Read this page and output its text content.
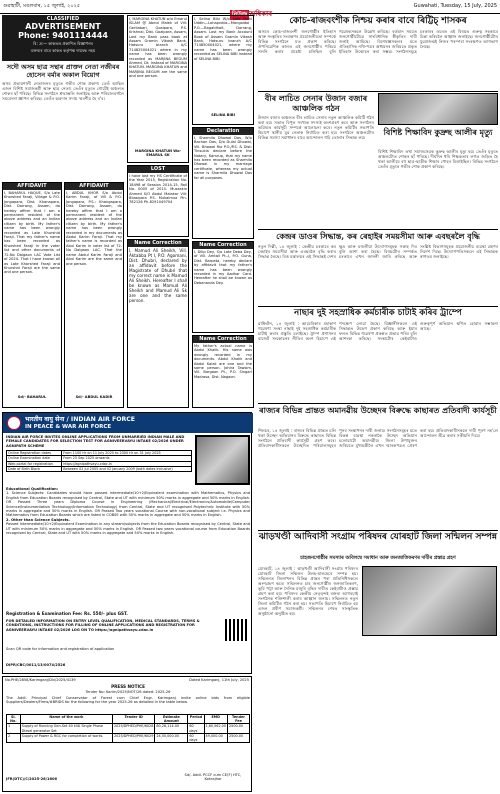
গুৱাহাটী, মঙলবাৰ, ১৫ জুলাই, ২০২৫
নিউজ অধিকাৰ
Guwahati, Tuesday, 15 July, 2025
CLASSIFIED
ADVERTISEMENT
Phone: 9401114444
বি: দ্র:— কাকতত প্ৰকাশিত বিজ্ঞাপনৰ
বক্তব্যৰ বাবে কাকত কৰ্তৃপক্ষ দায়বদ্ধ নহয়
সদৌ অসম ছাত্ৰ সন্থাৰ প্ৰাক্তন নেতা নজীবৰ হোসেন বৰ্মাৰ অকাল বিয়োগ
অসম প্ৰভাৱশালী নেতাজনৰ মৃত্যুত গভীৰ শোক প্ৰকাশ। তেওঁ আছিল এজন বিশিষ্ট সমাজকৰ্মী আৰু ছাত্ৰ নেতা। তেওঁৰ মৃত্যুত গোটেই অঞ্চলত শোকৰ ছাঁ পৰিছে। বিভিন্ন সংগঠনে শ্ৰদ্ধাঞ্জলি জনাইছে আৰু পৰিয়ালবৰ্গলৈ সমবেদনা জ্ঞাপন কৰিছে। তেওঁৰ অৱদান সদায় স্মৰণীয় হৈ ৰ'ব।
AFFIDAVIT
I, BAHARUL HAQUE, S/o Late Khorshed Faraji, Village & P.O. Jongapara, Dist. Khanapara, Dist. Darrang, Assam, do hereby affirm that I am a permanent resident of the above address and an Indian citizen by birth. My father's name has been wrongly recorded as Late Khurshid Faraji. That my father's name has been recorded as Khorshed Faraji in the voter list and other documents of 72-No Dalgaon LAC Vote List of 2024. That I have known all as Late Khorshed Faraji and Khurshid Faraji are the same and one person.
Sd/- BAHARUL
AFFIDAVIT
I, ABDUL KHOR S/o Abdul Karim Faraji, of Vill & P.O. Jongapara, P.S.: Khangapara, Dist. Darrang, Assam, do hereby affirm that I am a permanent resident of the above address and an Indian citizen by birth. My father's name has been wrongly recorded in my documents as Abdul Karim Faraji. That my father's name is recorded as Abul Karim in voter list of 72-No Dalgaon LAC. That the name Abdul Karim Faraji and Abul Karim are the same and one person.
Sd/- ABDUL KADIR
I, MARGINA KHATUN w/o Emarul ISLAM @ Abdul Malek of Vill: Gerilabari, Goalpara, P.S. Krishnai, Dist. Goalpara, Assam, Lost my Bank pass book at Assam Gramin Vikash Bank, Hatsuru branch A/C 714825004021 where in my name has been wrongly recorded as MARJINA BEGUM Ahmed, Dt. Instead of MARGINA KHATUN. MARGINA KHATUN and MARJINA BEGUM are the same and one person.
MARGINA KHATUN Wo-EMARUL SK
LOST
I have lost my HS Certificate of the Year 2015, Registration No. 18498 of Session 2014-15, Roll No. 0005 of 2015. Muzzakin Ahmed S/O Abdul Malakar Vill: Bilasipara P.S. Mukalmua Pin-782126 Ph-8291049704
Name Correction
I, Mamud Ali Sheikh, Vill. Aktabba Pt I, P.O. Agomani, Dist. Dhubri, declared by an affidavit before the Magistrate of Dhubri that my correct name is Mamud Ali Sheikh. Hereafter I shall be known as Mamud Ali Sheikh and Mamud Ali Sk are one and the same person.
I, Selina Bibi W/o Late Mahi Uddin—Lohaprotia—Mangoldoi P.O.—Bagaldhalt, Darrang, Assam. Lost my Bank Account Book of Assam Gramin Vikash Bank, Hatsuru branch A/C 714850004021, where my name has been wrongly recorded as SELINA BIBI instead of SELINA BIBI.
SELINA BIBI
Declaration
I, Sharmila Dhowal Das, W/o Bachan Das, D/o Dulal Dhowal, Vill. Bhowal Rio P.O./P.S. & Dist: Tinsukia declare before the Notary, Kamrup, that my name has been recorded as Sharmila Dhowal in my marriage certificate, whereas my actual name is Sharmila Dhowal Das for all purposes.
Name Correction
I, Dilip Dey, S/o Late Deba Dey, of Vill. Amtali Pt.-I, P.O. Guna, Dist. Barpeta, hereby declare by affidavit that my father's name has been wrongly recorded in my Aadhar Card. Hereafter he shall be known as Debananda Dey.
Name Correction
My father's actual name is Abdul Khalik. His name was wrongly recorded in my documents. Abdul Khalik and Abdul Kalak are one and the same person. Johira Tawsim, Vill. Bargaon Pt., P.O. Singari Madrasa, Dist. Nagaon.
भारतीय वायु सेना / INDIAN AIR FORCE
IN PEACE & WAR AIR FORCE
INDIAN AIR FORCE INVITES ONLINE APPLICATIONS FROM UNMARRIED INDIAN MALE AND FEMALE CANDIDATES FOR SELECTION TEST FOR AGNIVEERVAYU INTAKE 02/2026 UNDER AGNIPATH SCHEME
Online Registration dates	From 1100 Hr on 11 July 2025 to 2300 Hr on 31 July 2025
Online Examination date	From 25 Sep 2025 onwards
Web portal for registration	https://agnipathvayu.cdac.in
Date of Birth Block	Between 02 Jul 2005 and 02 January 2009 (both dates inclusive)
Educational Qualification:
1. Science Subjects: Candidates should have passed Intermediate/10+2/Equivalent examination with Mathematics, Physics and English from Education Boards recognised by Central, State and UT with minimum 50% marks in aggregate and 50% marks in English. OR Passed Three years Diploma Course in Engineering (Mechanical/Electrical/Electronics/Automobile/Computer Science/Instrumentation Technology/Information Technology) from Central, State and UT recognised Polytechnic Institute with 50% marks in aggregate and 50% marks in English. OR Passed Two years vocational Course with non-vocational subject i.e. Physics and Mathematics from Education Boards which are listed in COBSE with 50% marks in aggregate and 50% marks in English.
2. Other than Science Subjects.
Passed Intermediate/10+2/Equivalent Examination in any stream/subjects from the Education Boards recognised by Central, State and UT with minimum 50% marks in aggregate and 50% marks in English. OR Passed two years vocational course from Education Boards recognised by Central, State and UT with 50% marks in aggregate and 50% marks in English.
Registration & Examination Fee: Rs. 550/- plus GST.
FOR DETAILED INFORMATION ON ENTRY LEVEL QUALIFICATION, MEDICAL STANDARDS, TERMS & CONDITIONS, INSTRUCTIONS FOR FILLING OF ONLINE APPLICATIONS AND REGISTRATION FOR AGNIVEERVAYU INTAKE 02/2026 LOG ON TO https://agnipathvayu.cdac.in
Scan QR code for information and registration of application
DIPR/CBC/0011/13/0074/2526
No.PHE/2858/Karimganj/Div/2025/4139	Dated Karimganj, 11th July, 2025
PRESS NOTICE
Tender No: Karim/2025/NOT/26 dated: 2025-26
The Addl. Principal Chief Conservator of Forest cum Chief Engr. Karimganj invite online bids from eligible Suppliers/Dealers/Firms/#BRIDS for the following for the year 2025-26 as detailed in the table below.
Sl. No.	Name of the work	Tender ID	Estimate Amount	Period	EMD	Tender Fee
1	Supply of Running Gen-Set 40 kVA Single Phase Diesel generator Set	2025/DPHED/PHE/6028	80,28,114.00	60 days	1,60,562.00	2500.00
2	Supply of Power & RGC for completion of works.	2025/DPHED/PHE/6029	24,50,000.00	60 days	49,000.00	2500.00
JFR(DTC)/C/2025-26/1606
Sd/- Addl. PCCF cum CE(F) HTC, Kokrajhar
কোচ-ৰাজবংশীক নিশ্চয় কৰাৰ বাবে ৰিট্টিচ্ শাসকৰ
অসমৰ কোচ-ৰাজবংশী জনগোষ্ঠীৰ ইতিহাস আৰু সংস্কৃতিৰ সংৰক্ষণৰ প্ৰয়োজনীয়তা সম্পৰ্কে বিভিন্ন সংগঠনে মত প্ৰকাশ কৰিছে। ঔপনিৱেশিক কালত এই জনগোষ্ঠীৰ পৰিচয় সলনি কৰাৰ প্ৰচেষ্টা চলিছিল বুলি গৱেষকসকলে উল্লেখ কৰিছে। বৰ্তমান সময়ত জনগোষ্ঠীটোৱে সাংবিধানিক স্বীকৃতিৰ দাবী জনাই আহিছে। বিশেষজ্ঞসকলৰ মতে ঐতিহাসিক নথি-পত্ৰৰ অধ্যয়নৰ জৰিয়তে প্ৰকৃত ইতিহাস উন্মোচন কৰা সম্ভৱ। সংগঠনসমূহে চৰকাৰৰ ওচৰত এই বিষয়ত গুৰুত্ব সহকাৰে চিন্তা কৰিবলৈ আহ্বান জনাইছে। জনগোষ্ঠীটোৰ যুৱপ্ৰজন্মই নিজৰ পৰম্পৰা সংৰক্ষণত আগভাগ লৈছে।
বীৰ লাচিত সেনাৰ উজান বজাৰ আঞ্চলিক গঠন
উজান বজাৰ অঞ্চলত বীৰ লাচিত সেনাৰ নতুন আঞ্চলিক কমিটি গঠন কৰা হয়। সভাত বিপুল সংখ্যক সদস্যই অংশগ্ৰহণ কৰে আৰু সংগঠনৰ ভৱিষ্যত কাৰ্যসূচী সম্পৰ্কে আলোচনা কৰে। নতুন কমিটিৰ সভাপতি হিচাপে স্থানীয় যুৱ নেতাক নিৰ্বাচিত কৰা হয়। সংগঠনে অঞ্চলটোৰ বিভিন্ন সমস্যা সমাধানৰ বাবে আন্দোলন গঢ়ি তোলাৰ সিদ্ধান্ত লয়।
বিশিষ্ট শিক্ষাবিদ কুদ্ৰুছ আলীৰ মৃত্যু
বিশিষ্ট শিক্ষাবিদ তথা সমাজসেৱক কুদ্ৰুছ আলীৰ মৃত্যু হয়। তেওঁৰ মৃত্যুত অঞ্চলটোত শোকৰ ছাঁ পৰিছে। দীৰ্ঘদিন ধৰি শিক্ষকতাৰ লগত জড়িত হৈ থকা আলীয়ে বহু ছাত্ৰ-ছাত্ৰীক শিক্ষাৰ পোহৰ বিলাইছিল। বিভিন্ন সংগঠনে তেওঁৰ মৃত্যুত গভীৰ শোক প্ৰকাশ কৰিছে।
কেন্দ্ৰৰ ডাওৰ সিদ্ধান্ত, কৰ ৰেহাইৰ সময়সীমা আৰু এবছৰলৈ বৃদ্ধি
নতুন দিল্লী, ১৪ জুলাই : কেন্দ্ৰীয় চৰকাৰে কৰ ৰেহাইৰ সময়সীমা আৰু এবছৰলৈ বৃদ্ধি কৰাৰ সিদ্ধান্ত লৈছে। বিত্ত মন্ত্ৰালয়ৰ এই সিদ্ধান্তই দেশৰ ক্ষুদ্ৰ আৰু মজলীয়া উদ্যোগসমূহক সকাহ দিব বুলি আশা কৰা হৈছে। বিষয়টোৰ সম্পৰ্কত চৰকাৰে এখন জাননী জাৰি কৰিছে আৰু সংশ্লিষ্ট বিভাগসমূহক প্ৰয়োজনীয় ব্যৱস্থা গ্ৰহণৰ নিৰ্দেশ দিছে। উদ্যোগপতিসকলে এই সিদ্ধান্তক স্বাগতম জনাইছে।
নাছাৰ দুই সহস্ৰাধিক কৰ্মচাৰীক চাটাই কৰিব ট্ৰাম্পে
ৱাশ্বিংটন, ১৪ জুলাই : আমেৰিকাৰ মহাকাশ গৱেষণা সংস্থা নাছাই দুই সহস্ৰাধিক কৰ্মচাৰীক চাটাই কৰাৰ প্ৰস্তুতি চলাইছে। ট্ৰাম্প প্ৰশাসনৰ বাজেট সংকোচনৰ নীতিৰ অংশ হিচাপে এই পদক্ষেপ লোৱা হৈছে। বিজ্ঞানীসকলে এই সিদ্ধান্তত উদ্বেগ প্ৰকাশ কৰিছে আৰু ইয়াৰ ফলত বিভিন্ন গৱেষণা প্ৰকল্পত প্ৰভাৱ পৰিব বুলি আশংকা কৰিছে। সংস্থাটোৰ কেইবাটাও গুৰুত্বপূৰ্ণ অভিযান স্থগিত হোৱাৰ সম্ভাৱনা আছে।
ৰাজ্যৰ বিভিন্ন প্ৰান্তত অমানৱীয় উচ্ছেদৰ বিৰুদ্ধে কাছাৰত প্ৰতিবাদী কাৰ্যসূচী
শিলচৰ, ১৪ জুলাই : ৰাজ্যৰ বিভিন্ন প্ৰান্তত চলি থকা উচ্ছেদ অভিযানৰ বিৰুদ্ধে কাছাৰত বিভিন্ন সংগঠনে প্ৰতিবাদী কাৰ্যসূচী গ্ৰহণ কৰে। প্ৰতিবাদকাৰীসকলে উচ্ছেদিত পৰিয়ালসমূহৰ পুনৰ সংস্থাপনৰ দাবী জনায়। সংগঠনসমূহৰ মতে বিকল্প ব্যৱস্থা নকৰাকৈ উচ্ছেদ অভিযান চলোৱাটো অমানৱীয়। জিলা উপায়ুক্তৰ জৰিয়তে মুখ্যমন্ত্ৰীলৈ এখন স্মাৰকপত্ৰও প্ৰেৰণ কৰা হয়। প্ৰতিবাদকাৰীসকলে দাবী পূৰণ নহ'লে আন্দোলন তীব্ৰ কৰাৰ সকীয়নি দিয়ে।
ঝাড়খণ্ডী আদিবাসী সংগ্ৰাম পৰিষদৰ যোৰহাট জিলা সন্মিলন সম্পন্ন
চাহজনগোষ্ঠীৰ সমস্যাৰ অবিলম্বে সমাধান আৰু জনজাতিকৰণৰ দাবীৰ প্ৰস্তাৱ গ্ৰহণ
যোৰহাট, ১৪ জুলাই : ঝাড়খণ্ডী আদিবাসী সংগ্ৰাম পৰিষদৰ যোৰহাট জিলা সন্মিলন উলহ-মালহেৰে সম্পন্ন হয়। সন্মিলনত জিলাখনৰ বিভিন্ন প্ৰান্তৰ পৰা প্ৰতিনিধিসকলে অংশগ্ৰহণ কৰে। সন্মিলনত চাহ জনগোষ্ঠীৰ জনজাতিকৰণ, ভূমি পট্টা আৰু দৈনিক মজুৰি বৃদ্ধিৰ দাবীত কেইবাটাও প্ৰস্তাৱ গ্ৰহণ কৰা হয়। পৰিষদৰ কেন্দ্ৰীয় নেতৃবৃন্দই বক্তব্য আগবঢ়াই সংগঠনক শক্তিশালী কৰাৰ আহ্বান জনায়। সন্মিলনত নতুন জিলা কমিটিও গঠন কৰা হয়। সভাপতি হিচাপে নিৰ্বাচিত হয় এজন প্ৰবীণ সমাজকৰ্মী। সন্মিলনৰ শেষত সাংস্কৃতিক অনুষ্ঠানো অনুষ্ঠিত হয়।
